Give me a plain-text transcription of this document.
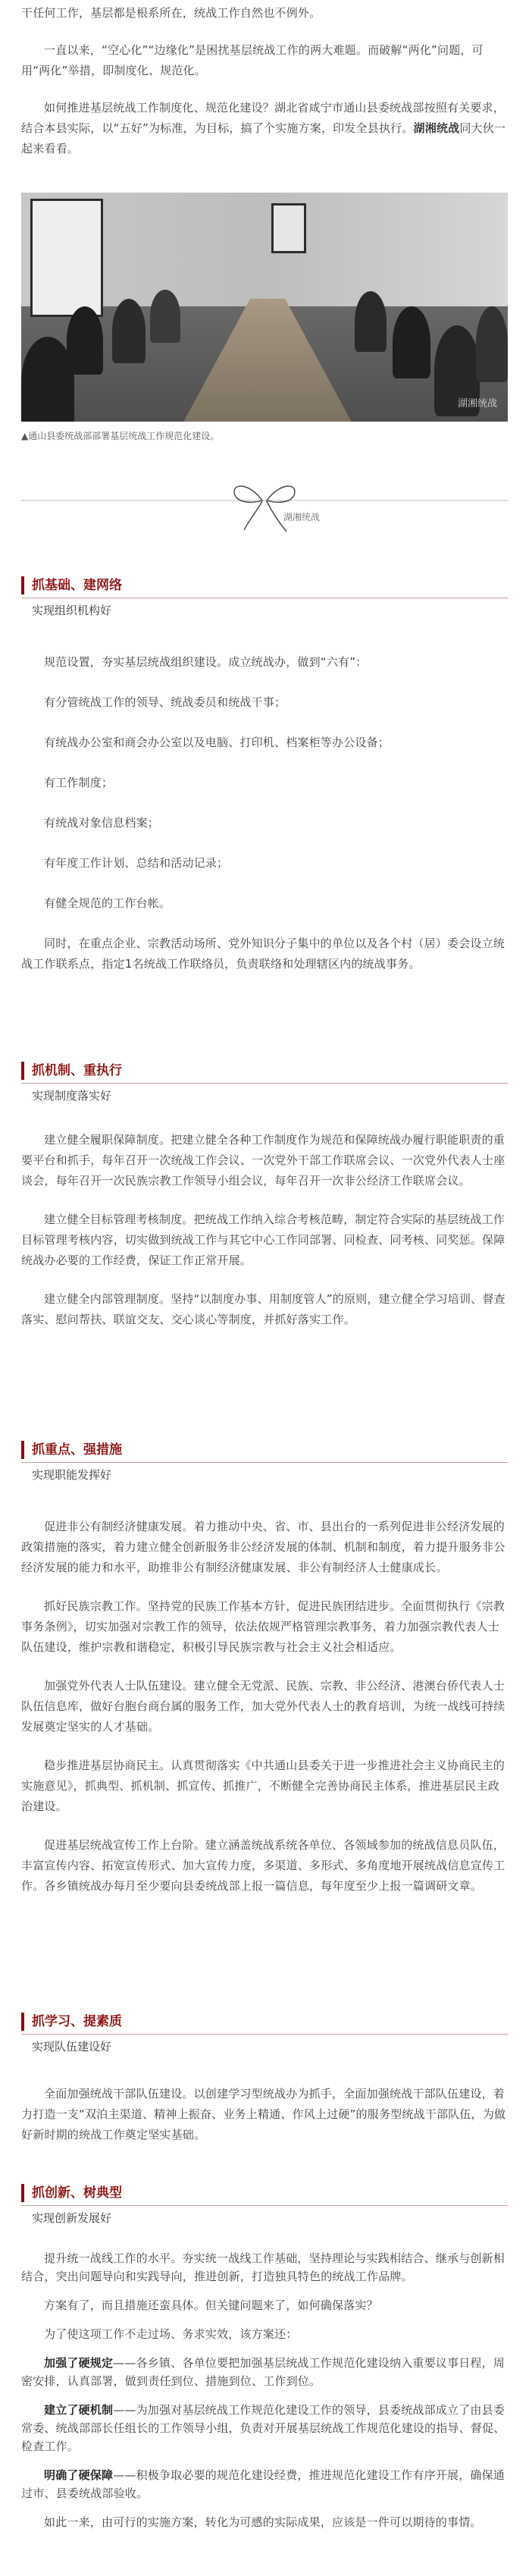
干任何工作，基层都是根系所在，统战工作自然也不例外。

一直以来，“空心化”“边缘化”是困扰基层统战工作的两大难题。而破解“两化”问题，可用“两化”举措，即制度化、规范化。

如何推进基层统战工作制度化、规范化建设？湖北省咸宁市通山县委统战部按照有关要求，结合本县实际，以“五好”为标准，为目标，搞了个实施方案，印发全县执行。湖湘统战同大伙一起来看看。

湖湘统战
▲通山县委统战部部署基层统战工作规范化建设。
湖湘统战
抓基础、建网络
实现组织机构好

规范设置，夯实基层统战组织建设。成立统战办，做到“六有”：

有分管统战工作的领导、统战委员和统战干事；

有统战办公室和商会办公室以及电脑、打印机、档案柜等办公设备；

有工作制度；

有统战对象信息档案；

有年度工作计划、总结和活动记录；

有健全规范的工作台帐。

同时，在重点企业、宗教活动场所、党外知识分子集中的单位以及各个村（居）委会设立统战工作联系点，指定1名统战工作联络员，负责联络和处理辖区内的统战事务。

抓机制、重执行
实现制度落实好

建立健全履职保障制度。把建立健全各种工作制度作为规范和保障统战办履行职能职责的重要平台和抓手，每年召开一次统战工作会议、一次党外干部工作联席会议、一次党外代表人士座谈会，每年召开一次民族宗教工作领导小组会议，每年召开一次非公经济工作联席会议。

建立健全目标管理考核制度。把统战工作纳入综合考核范畴，制定符合实际的基层统战工作目标管理考核内容，切实做到统战工作与其它中心工作同部署、同检查、同考核、同奖惩。保障统战办必要的工作经费，保证工作正常开展。

建立健全内部管理制度。坚持“以制度办事、用制度管人”的原则，建立健全学习培训、督查落实、慰问帮扶、联谊交友、交心谈心等制度，并抓好落实工作。

抓重点、强措施
实现职能发挥好

促进非公有制经济健康发展。着力推动中央、省、市、县出台的一系列促进非公经济发展的政策措施的落实，着力建立健全创新服务非公经济发展的体制、机制和制度，着力提升服务非公经济发展的能力和水平，助推非公有制经济健康发展、非公有制经济人士健康成长。

抓好民族宗教工作。坚持党的民族工作基本方针，促进民族团结进步。全面贯彻执行《宗教事务条例》，切实加强对宗教工作的领导，依法依规严格管理宗教事务，着力加强宗教代表人士队伍建设，维护宗教和谐稳定，积极引导民族宗教与社会主义社会相适应。

加强党外代表人士队伍建设。建立健全无党派、民族、宗教、非公经济、港澳台侨代表人士队伍信息库，做好台胞台商台属的服务工作，加大党外代表人士的教育培训，为统一战线可持续发展奠定坚实的人才基础。

稳步推进基层协商民主。认真贯彻落实《中共通山县委关于进一步推进社会主义协商民主的实施意见》，抓典型、抓机制、抓宣传、抓推广，不断健全完善协商民主体系，推进基层民主政治建设。

促进基层统战宣传工作上台阶。建立涵盖统战系统各单位、各领域参加的统战信息员队伍，丰富宣传内容、拓宽宣传形式、加大宣传力度，多渠道、多形式、多角度地开展统战信息宣传工作。各乡镇统战办每月至少要向县委统战部上报一篇信息，每年度至少上报一篇调研文章。

抓学习、提素质
实现队伍建设好

全面加强统战干部队伍建设。以创建学习型统战办为抓手，全面加强统战干部队伍建设，着力打造一支“双泊主渠道、精神上振奋、业务上精通、作风上过硬”的服务型统战干部队伍，为做好新时期的统战工作奠定坚实基础。

抓创新、树典型
实现创新发展好

提升统一战线工作的水平。夯实统一战线工作基础，坚持理论与实践相结合、继承与创新相结合，突出问题导向和实践导向，推进创新，打造独具特色的统战工作品牌。

方案有了，而且措施还蛮具体。但关键问题来了，如何确保落实？

为了使这项工作不走过场、务求实效，该方案还：

加强了硬规定——各乡镇、各单位要把加强基层统战工作规范化建设纳入重要议事日程，周密安排，认真部署，做到责任到位、措施到位、工作到位。

建立了硬机制——为加强对基层统战工作规范化建设工作的领导，县委统战部成立了由县委常委、统战部部长任组长的工作领导小组，负责对开展基层统战工作规范化建设的指导、督促、检查工作。

明确了硬保障——积极争取必要的规范化建设经费，推进规范化建设工作有序开展，确保通过市、县委统战部验收。

如此一来，由可行的实施方案，转化为可感的实际成果，应该是一件可以期待的事情。
